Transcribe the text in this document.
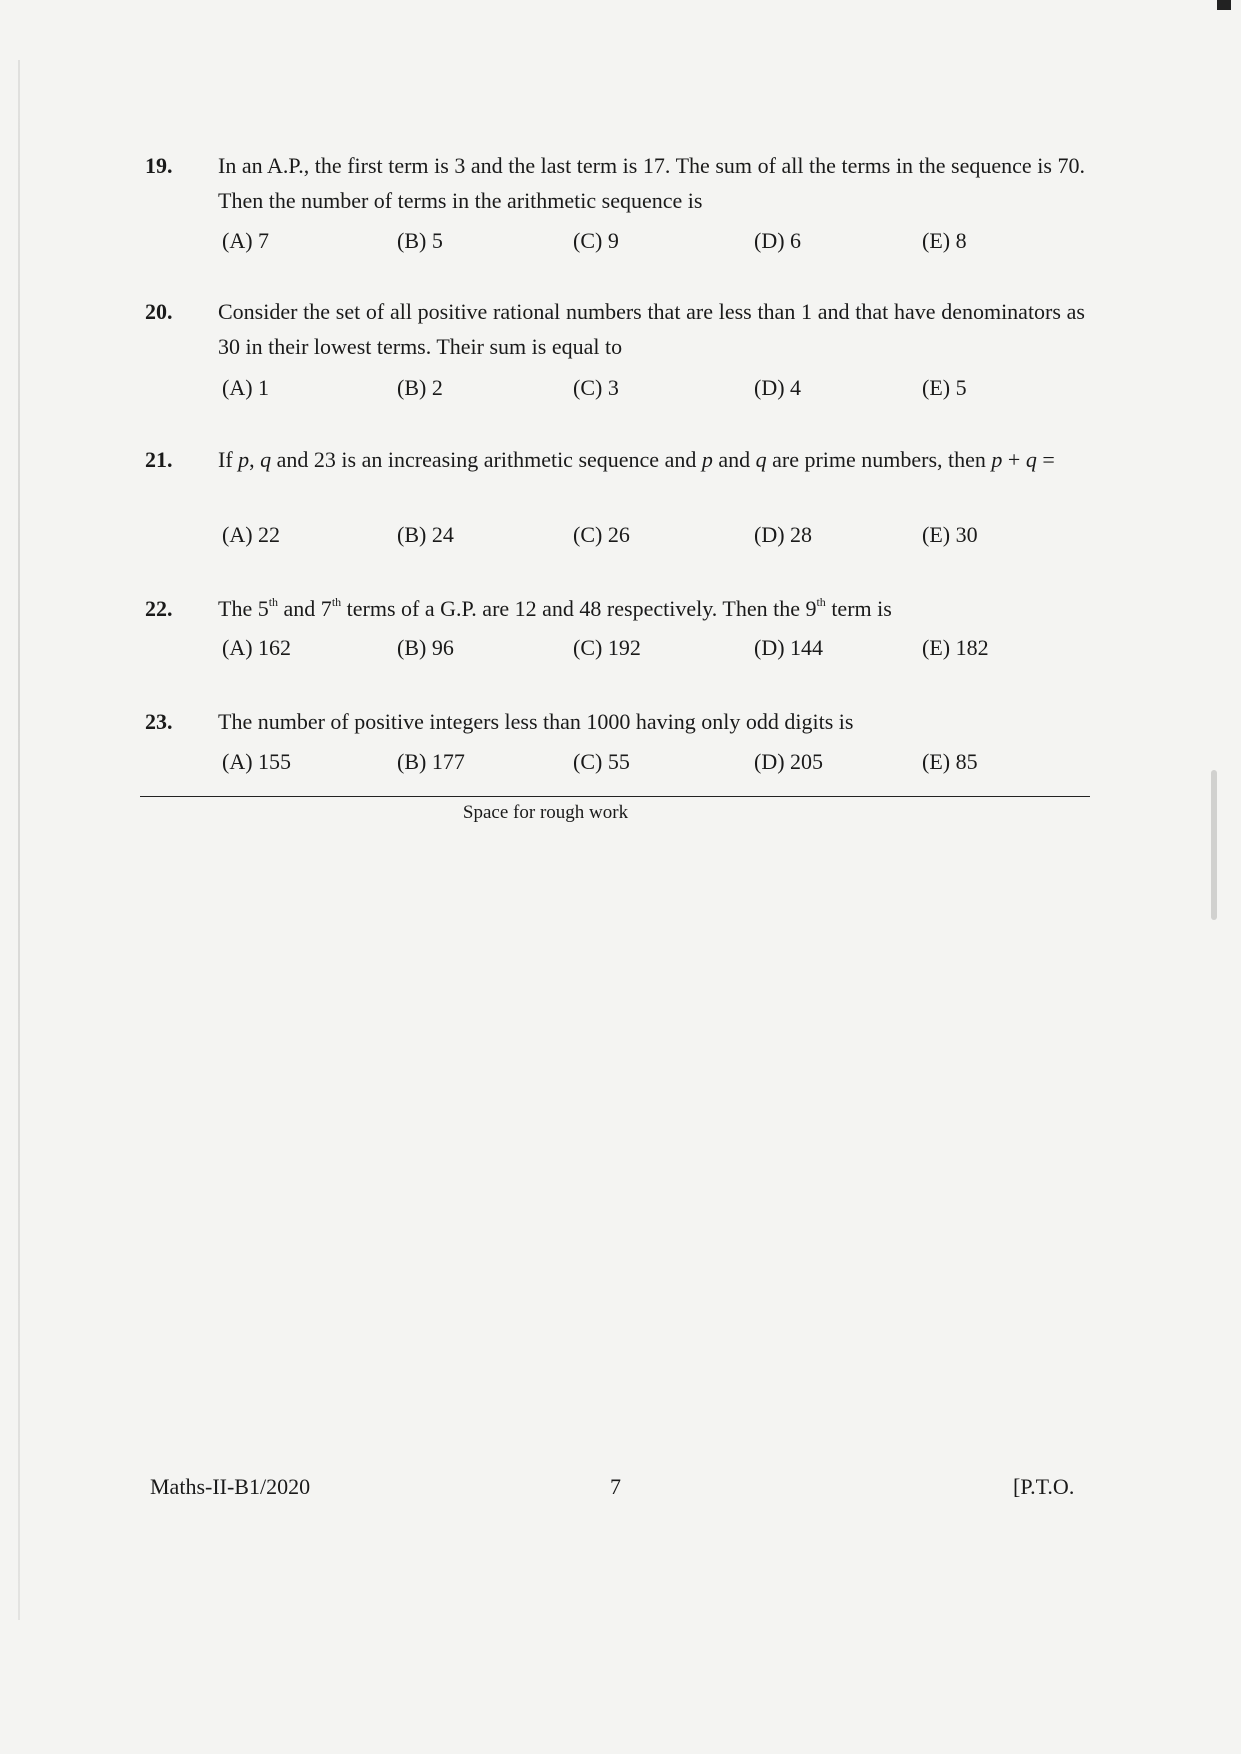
19. In an A.P., the first term is 3 and the last term is 17. The sum of all the terms in the sequence is 70. Then the number of terms in the arithmetic sequence is
(A) 7	(B) 5	(C) 9	(D) 6	(E) 8
20. Consider the set of all positive rational numbers that are less than 1 and that have denominators as 30 in their lowest terms. Their sum is equal to
(A) 1	(B) 2	(C) 3	(D) 4	(E) 5
21. If p, q and 23 is an increasing arithmetic sequence and p and q are prime numbers, then p + q =
(A) 22	(B) 24	(C) 26	(D) 28	(E) 30
22. The 5th and 7th terms of a G.P. are 12 and 48 respectively. Then the 9th term is
(A) 162	(B) 96	(C) 192	(D) 144	(E) 182
23. The number of positive integers less than 1000 having only odd digits is
(A) 155	(B) 177	(C) 55	(D) 205	(E) 85
Space for rough work
Maths-II-B1/2020	7	[P.T.O.
